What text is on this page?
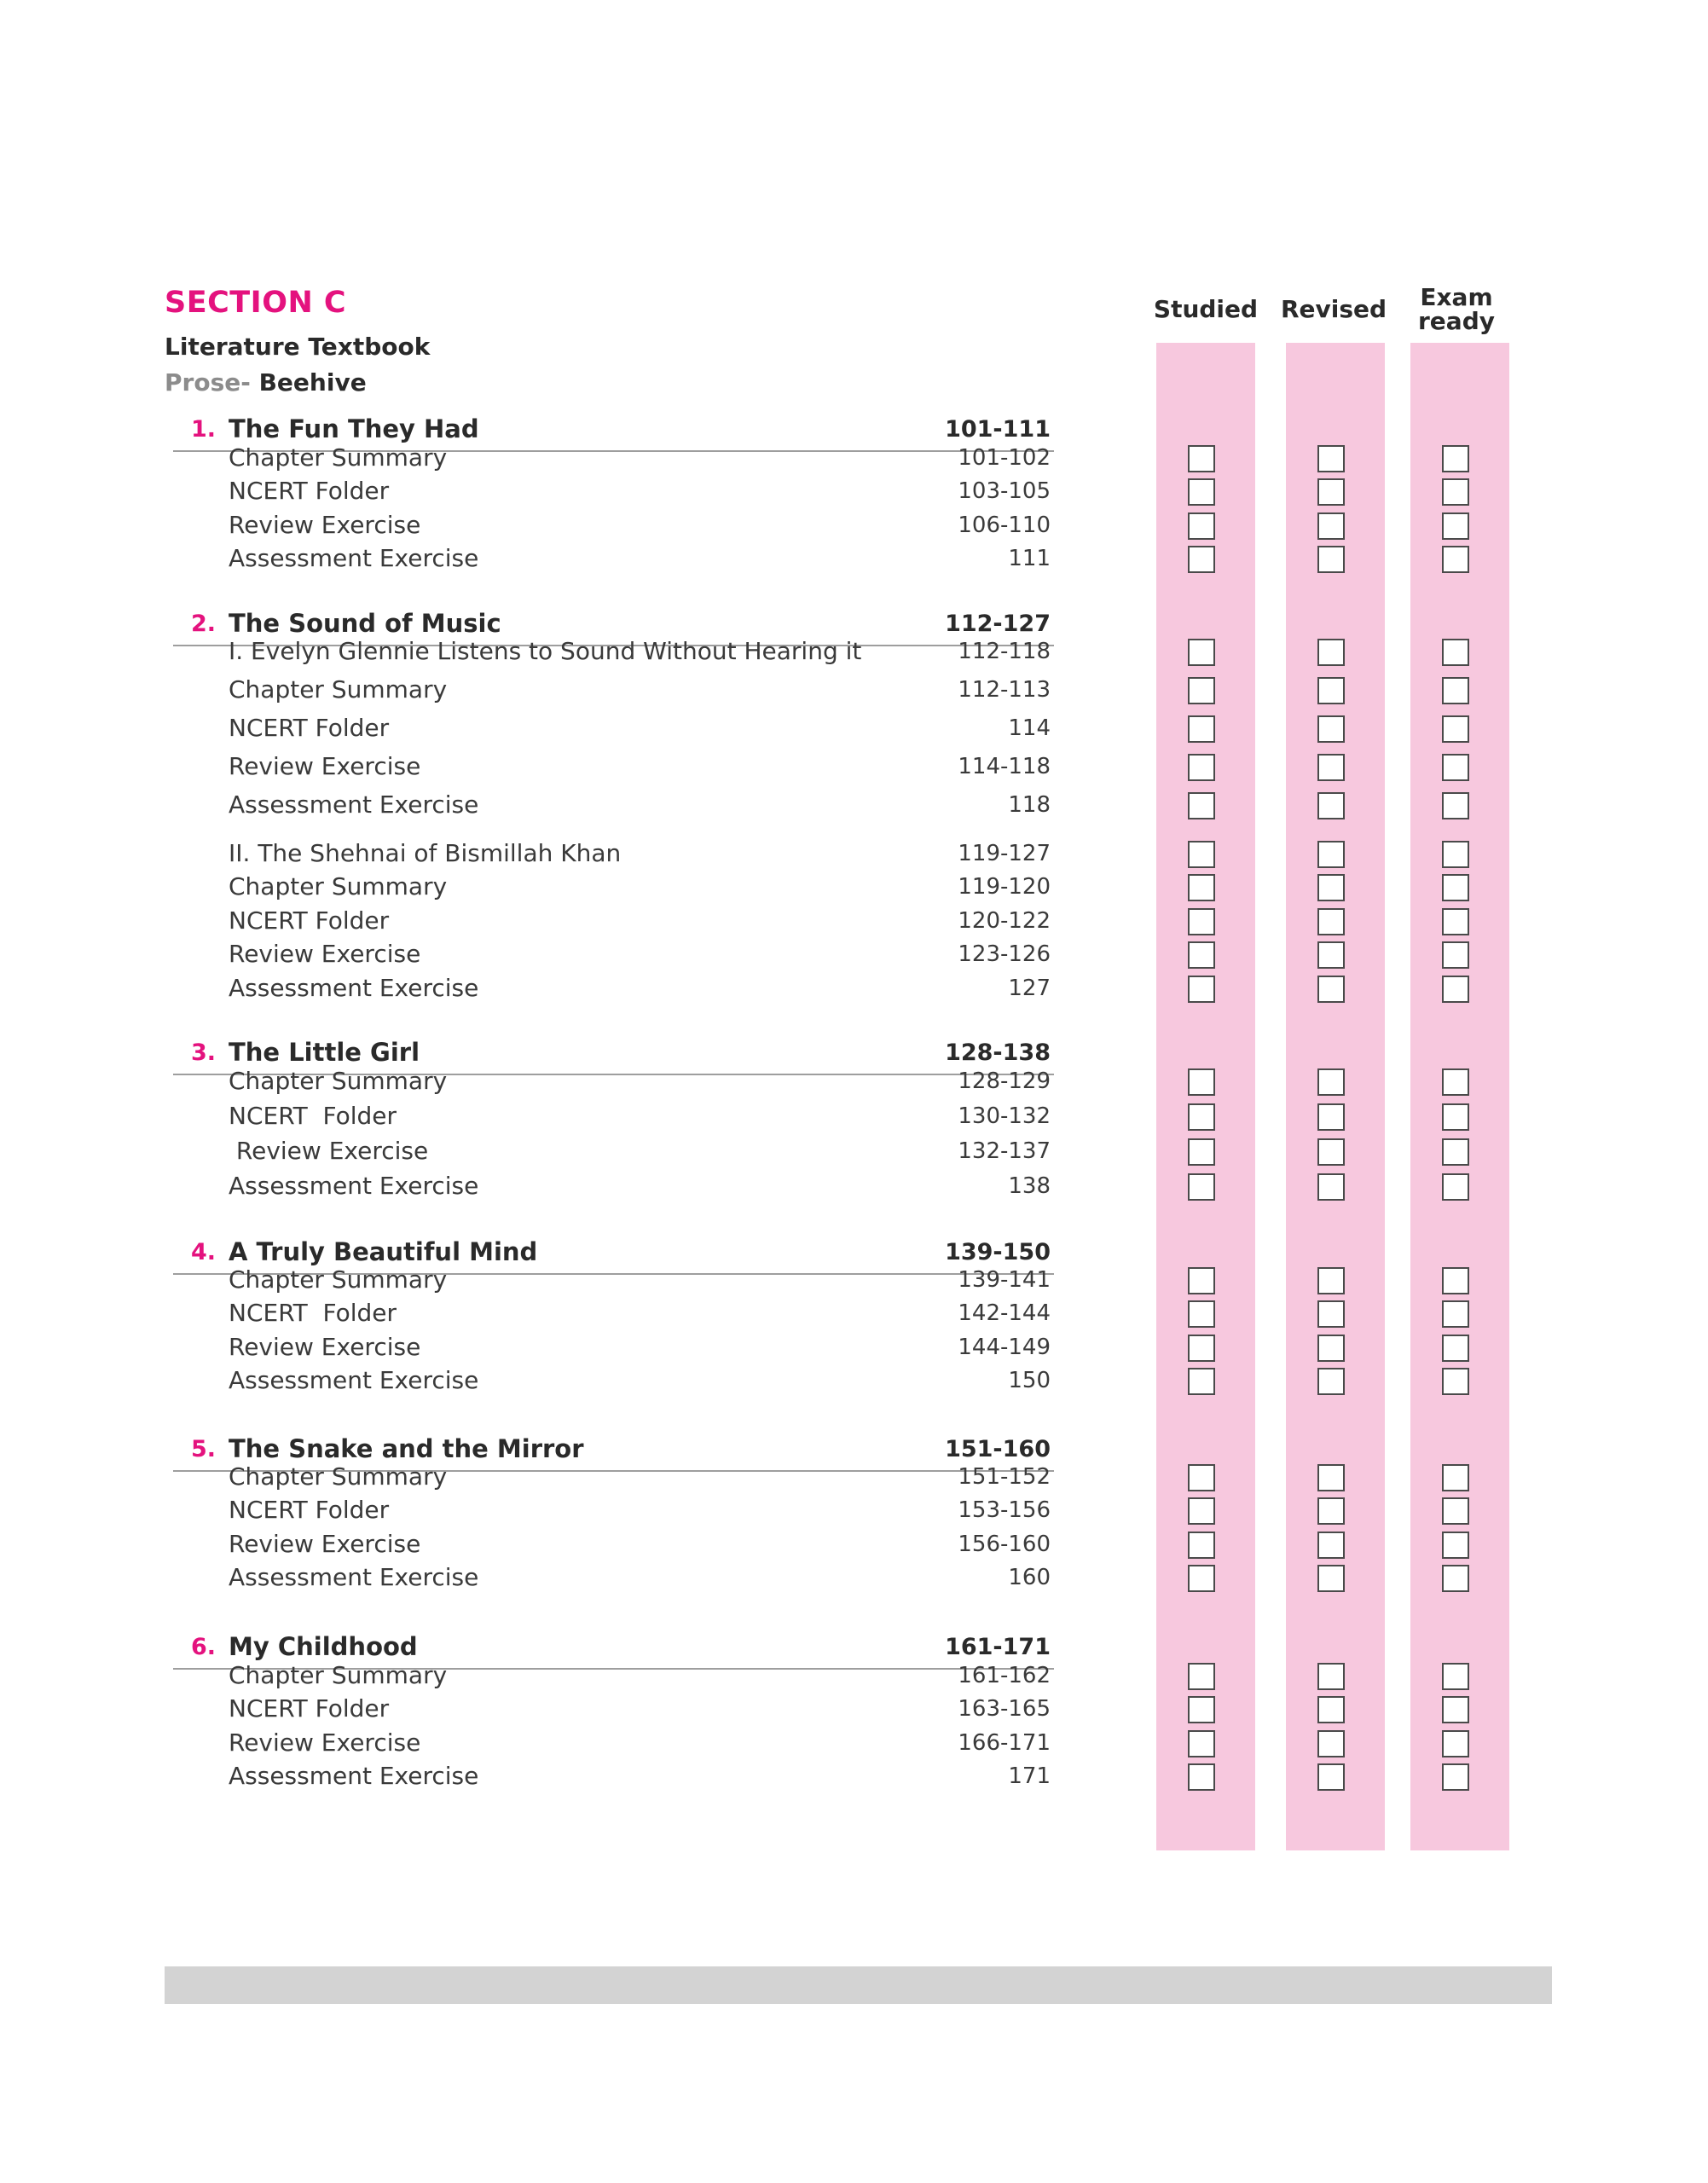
SECTION C
Literature Textbook
Prose- Beehive
Studied Revised	Exam ready
1. The Fun They Had	101-111
Chapter Summary	101-102
NCERT Folder	103-105
Review Exercise	106-110
Assessment Exercise	111
2. The Sound of Music	112-127
I. Evelyn Glennie Listens to Sound Without Hearing it	112-118
Chapter Summary	112-113
NCERT Folder	114
Review Exercise	114-118
Assessment Exercise	118
II. The Shehnai of Bismillah Khan	119-127
Chapter Summary	119-120
NCERT Folder	120-122
Review Exercise	123-126
Assessment Exercise	127
3. The Little Girl	128-138
Chapter Summary	128-129
NCERT  Folder	130-132
Review Exercise	132-137
Assessment Exercise	138
4. A Truly Beautiful Mind	139-150
Chapter Summary	139-141
NCERT  Folder	142-144
Review Exercise	144-149
Assessment Exercise	150
5. The Snake and the Mirror	151-160
Chapter Summary	151-152
NCERT Folder	153-156
Review Exercise	156-160
Assessment Exercise	160
6. My Childhood	161-171
Chapter Summary	161-162
NCERT Folder	163-165
Review Exercise	166-171
Assessment Exercise	171
